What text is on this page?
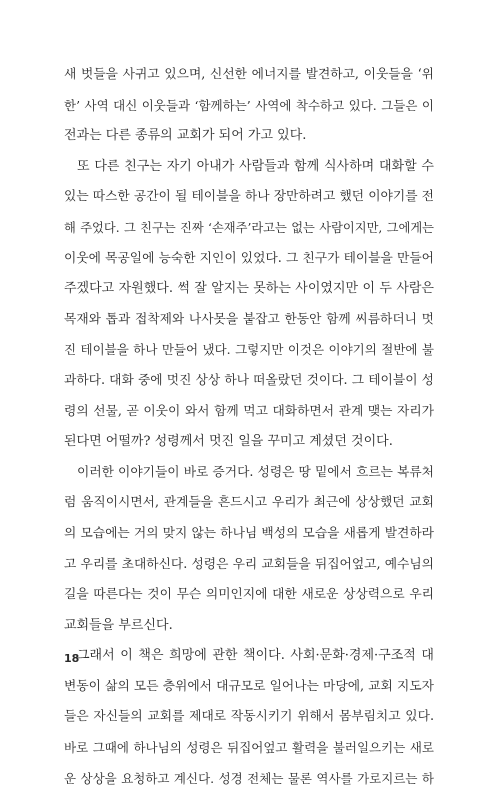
새 벗들을 사귀고 있으며, 신선한 에너지를 발견하고, 이웃들을 ‘위
한’ 사역 대신 이웃들과 ‘함께하는’ 사역에 착수하고 있다. 그들은 이
전과는 다른 종류의 교회가 되어 가고 있다.
또 다른 친구는 자기 아내가 사람들과 함께 식사하며 대화할 수
있는 따스한 공간이 될 테이블을 하나 장만하려고 했던 이야기를 전
해 주었다. 그 친구는 진짜 ‘손재주’라고는 없는 사람이지만, 그에게는
이웃에 목공일에 능숙한 지인이 있었다. 그 친구가 테이블을 만들어
주겠다고 자원했다. 썩 잘 알지는 못하는 사이였지만 이 두 사람은
목재와 톱과 접착제와 나사못을 붙잡고 한동안 함께 씨름하더니 멋
진 테이블을 하나 만들어 냈다. 그렇지만 이것은 이야기의 절반에 불
과하다. 대화 중에 멋진 상상 하나 떠올랐던 것이다. 그 테이블이 성
령의 선물, 곧 이웃이 와서 함께 먹고 대화하면서 관계 맺는 자리가
된다면 어떨까? 성령께서 멋진 일을 꾸미고 계셨던 것이다.
이러한 이야기들이 바로 증거다. 성령은 땅 밑에서 흐르는 복류처
럼 움직이시면서, 관계들을 흔드시고 우리가 최근에 상상했던 교회
의 모습에는 거의 맞지 않는 하나님 백성의 모습을 새롭게 발견하라
고 우리를 초대하신다. 성령은 우리 교회들을 뒤집어엎고, 예수님의
길을 따른다는 것이 무슨 의미인지에 대한 새로운 상상력으로 우리
교회들을 부르신다.
그래서 이 책은 희망에 관한 책이다. 사회·문화·경제·구조적 대
변동이 삶의 모든 층위에서 대규모로 일어나는 마당에, 교회 지도자
들은 자신들의 교회를 제대로 작동시키기 위해서 몸부림치고 있다.
바로 그때에 하나님의 성령은 뒤집어엎고 활력을 불러일으키는 새로
운 상상을 요청하고 계신다. 성경 전체는 물론 역사를 가로지르는 하
18
